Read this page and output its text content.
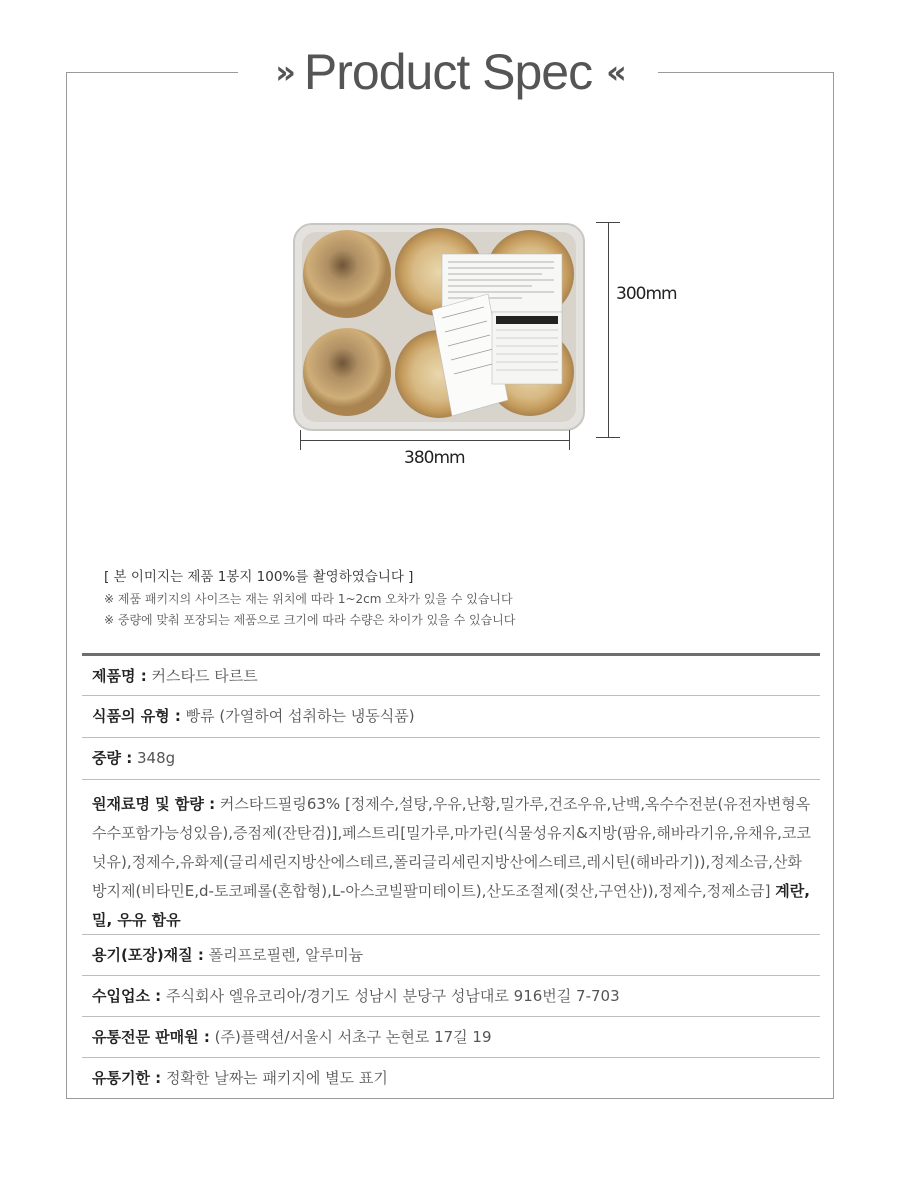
» Product Spec «
300mm
380mm
[ 본 이미지는 제품 1봉지 100%를 촬영하였습니다 ]
※ 제품 패키지의 사이즈는 재는 위치에 따라 1~2cm 오차가 있을 수 있습니다
※ 중량에 맞춰 포장되는 제품으로 크기에 따라 수량은 차이가 있을 수 있습니다
제품명 : 커스타드 타르트
식품의 유형 : 빵류 (가열하여 섭취하는 냉동식품)
중량 : 348g
원재료명 및 함량 : 커스타드필링63% [정제수,설탕,우유,난황,밀가루,건조우유,난백,옥수수전분(유전자변형옥수수포함가능성있음),증점제(잔탄검)],페스트리[밀가루,마가린(식물성유지&지방(팜유,해바라기유,유채유,코코넛유),정제수,유화제(글리세린지방산에스테르,폴리글리세린지방산에스테르,레시틴(해바라기)),정제소금,산화방지제(비타민E,d-토코페롤(혼합형),L-아스코빌팔미테이트),산도조절제(젖산,구연산)),정제수,정제소금] 계란, 밀, 우유 함유
용기(포장)재질 : 폴리프로필렌, 알루미늄
수입업소 : 주식회사 엘유코리아/경기도 성남시 분당구 성남대로 916번길 7-703
유통전문 판매원 : (주)플랙션/서울시 서초구 논현로 17길 19
유통기한 : 정확한 날짜는 패키지에 별도 표기
